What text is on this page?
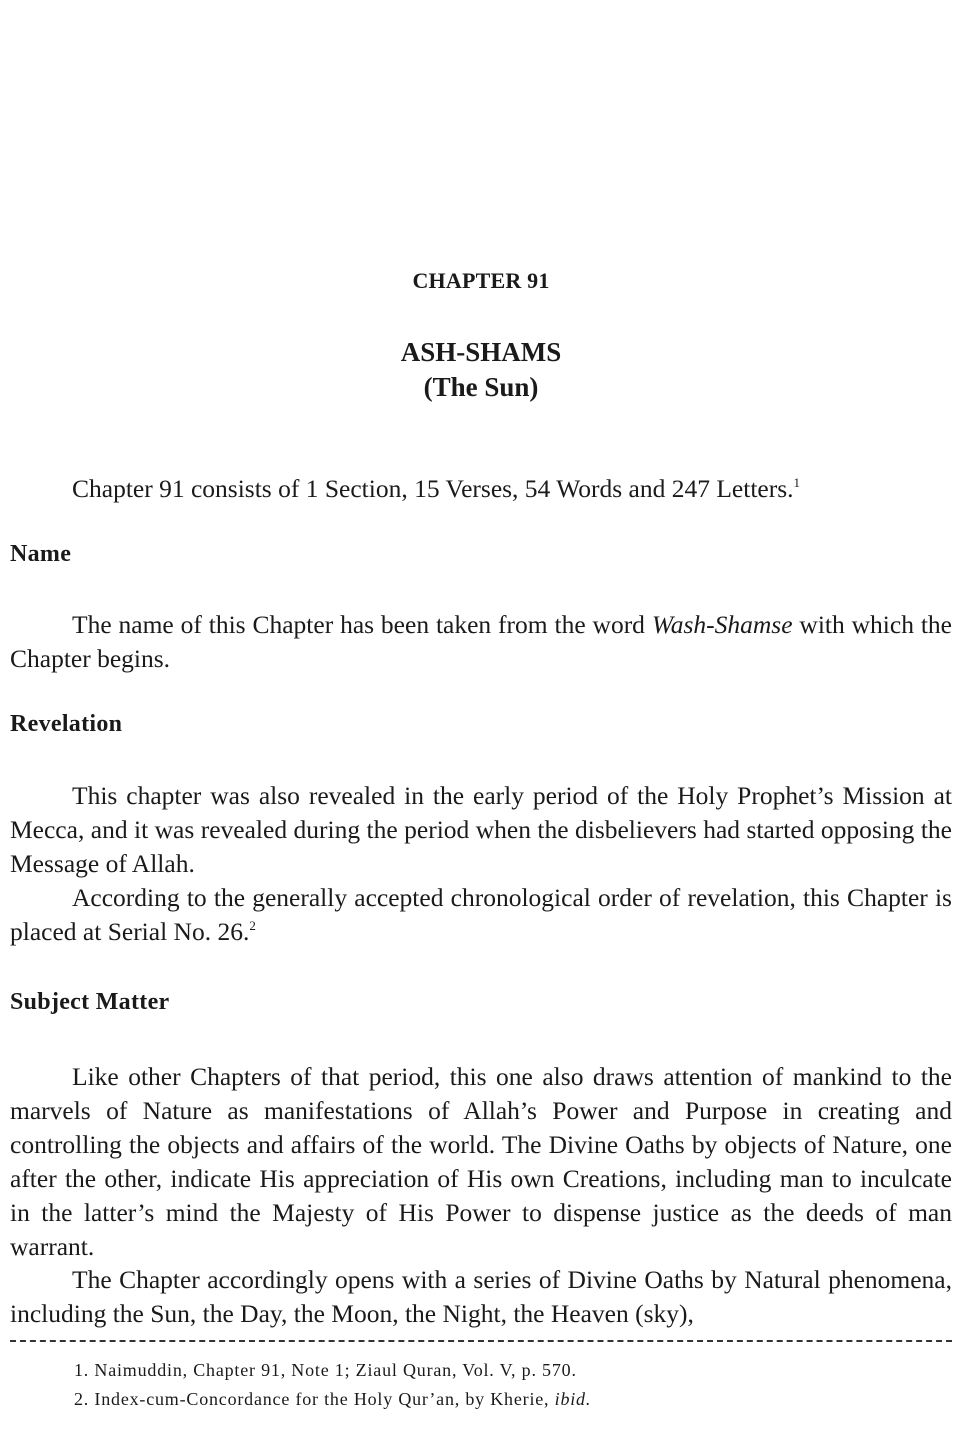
CHAPTER 91
ASH-SHAMS
(The Sun)

Chapter 91 consists of 1 Section, 15 Verses, 54 Words and 247 Letters.$^1$

Name

The name of this Chapter has been taken from the word Wash-Shamse with which the Chapter begins.

Revelation

This chapter was also revealed in the early period of the Holy Prophet’s Mission at Mecca, and it was revealed during the period when the disbelievers had started opposing the Message of Allah.

According to the generally accepted chronological order of revelation, this Chapter is placed at Serial No. 26.$^2$

Subject Matter

Like other Chapters of that period, this one also draws attention of mankind to the marvels of Nature as manifestations of Allah’s Power and Purpose in creating and controlling the objects and affairs of the world. The Divine Oaths by objects of Nature, one after the other, indicate His appreciation of His own Creations, including man to inculcate in the latter’s mind the Majesty of His Power to dispense justice as the deeds of man warrant.

The Chapter accordingly opens with a series of Divine Oaths by Natural phenomena, including the Sun, the Day, the Moon, the Night, the Heaven (sky),

1. Naimuddin, Chapter 91, Note 1; Ziaul Quran, Vol. V, p. 570.
2. Index-cum-Concordance for the Holy Qur’an, by Kherie, ibid.
